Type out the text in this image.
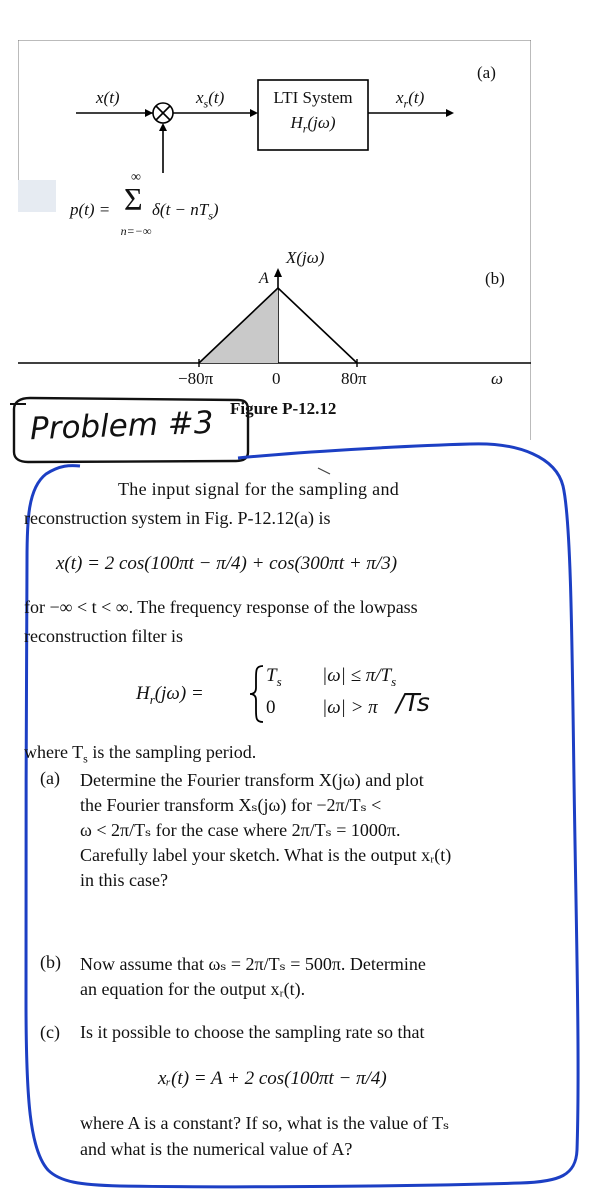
(a)
x(t)	$x_s(t)$	LTI System
$H_r(j\omega)$
$x_r(t)$
p(t) =
∞
Σ
n=−∞
$\delta(t - nT_s)$
X(jω)
(b)
A
−80π	0	80π	ω
Figure P-12.12
Problem #3
The input signal for the sampling and
reconstruction system in Fig. P-12.12(a) is
x(t) = 2 cos(100πt − π/4) + cos(300πt + π/3)
for −∞ < t < ∞. The frequency response of the lowpass
reconstruction filter is
$H_r(j\omega)$ =
$T_s$ $|\omega| \le \pi/T_s$
0 |ω| > π /Ts
where $T_s$ is the sampling period.
(a) Determine the Fourier transform X(jω) and plot
the Fourier transform Xₛ(jω) for −2π/Tₛ <
ω < 2π/Tₛ for the case where 2π/Tₛ = 1000π.
Carefully label your sketch. What is the output xᵣ(t)
in this case?
(b) Now assume that ωₛ = 2π/Tₛ = 500π. Determine
an equation for the output xᵣ(t).
(c) Is it possible to choose the sampling rate so that
xᵣ(t) = A + 2 cos(100πt − π/4)
where A is a constant? If so, what is the value of Tₛ
and what is the numerical value of A?
